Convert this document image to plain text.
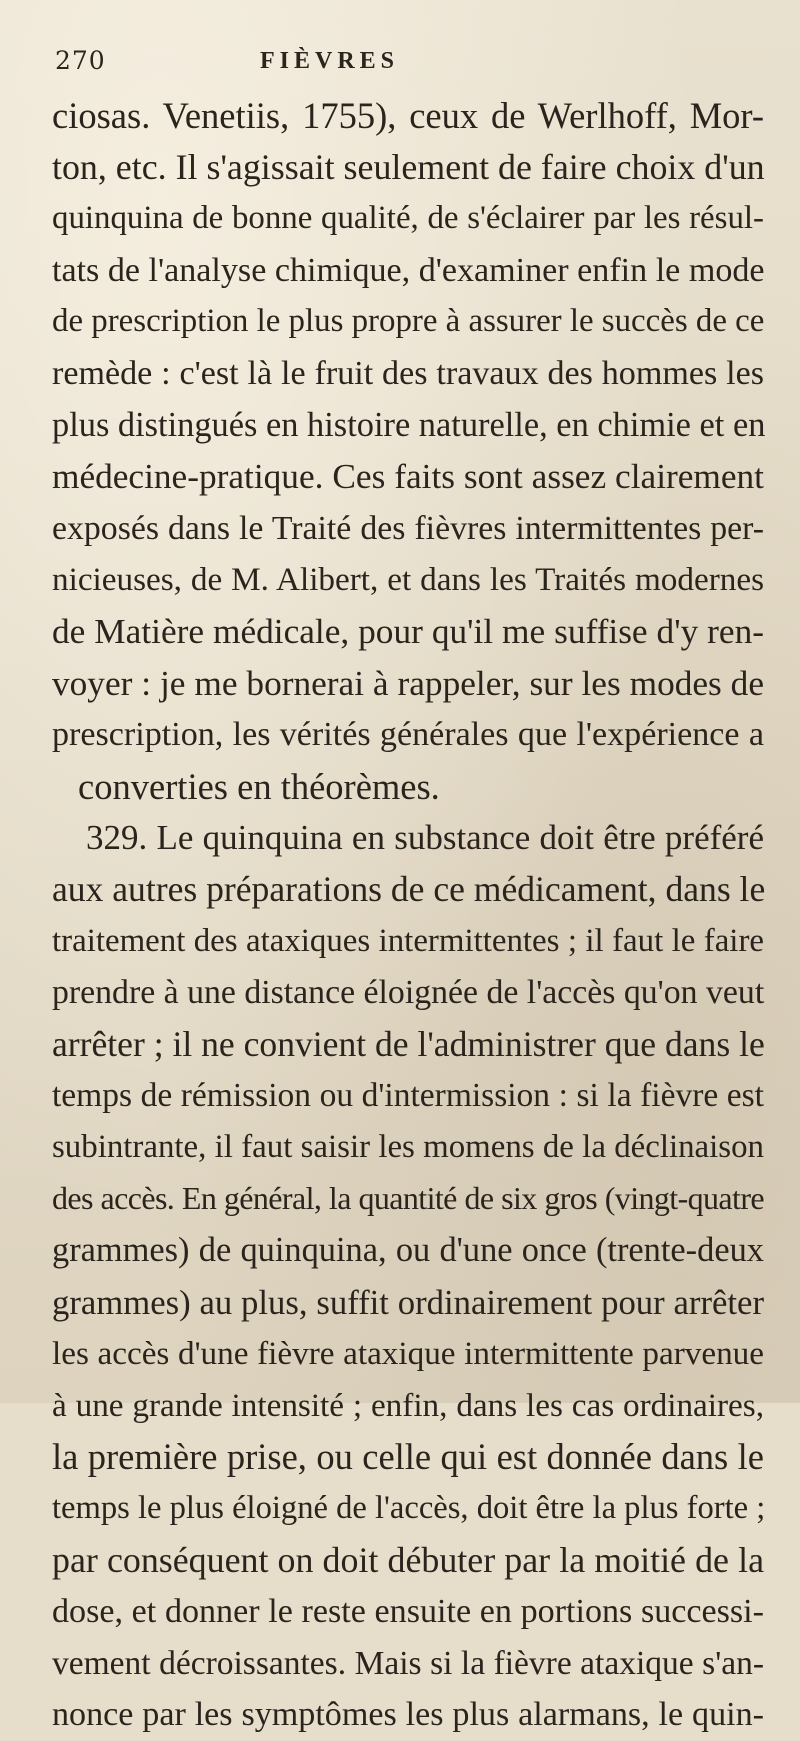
270	FIÈVRES
ciosas. Venetiis, 1755), ceux de Werlhoff, Mor-
ton, etc. Il s'agissait seulement de faire choix d'un
quinquina de bonne qualité, de s'éclairer par les résul-
tats de l'analyse chimique, d'examiner enfin le mode
de prescription le plus propre à assurer le succès de ce
remède : c'est là le fruit des travaux des hommes les
plus distingués en histoire naturelle, en chimie et en
médecine-pratique. Ces faits sont assez clairement
exposés dans le Traité des fièvres intermittentes per-
nicieuses, de M. Alibert, et dans les Traités modernes
de Matière médicale, pour qu'il me suffise d'y ren-
voyer : je me bornerai à rappeler, sur les modes de
prescription, les vérités générales que l'expérience a
converties en théorèmes.
329. Le quinquina en substance doit être préféré
aux autres préparations de ce médicament, dans le
traitement des ataxiques intermittentes ; il faut le faire
prendre à une distance éloignée de l'accès qu'on veut
arrêter ; il ne convient de l'administrer que dans le
temps de rémission ou d'intermission : si la fièvre est
subintrante, il faut saisir les momens de la déclinaison
des accès. En général, la quantité de six gros (vingt-quatre
grammes) de quinquina, ou d'une once (trente-deux
grammes) au plus, suffit ordinairement pour arrêter
les accès d'une fièvre ataxique intermittente parvenue
à une grande intensité ; enfin, dans les cas ordinaires,
la première prise, ou celle qui est donnée dans le
temps le plus éloigné de l'accès, doit être la plus forte ;
par conséquent on doit débuter par la moitié de la
dose, et donner le reste ensuite en portions successi-
vement décroissantes. Mais si la fièvre ataxique s'an-
nonce par les symptômes les plus alarmans, le quin-
